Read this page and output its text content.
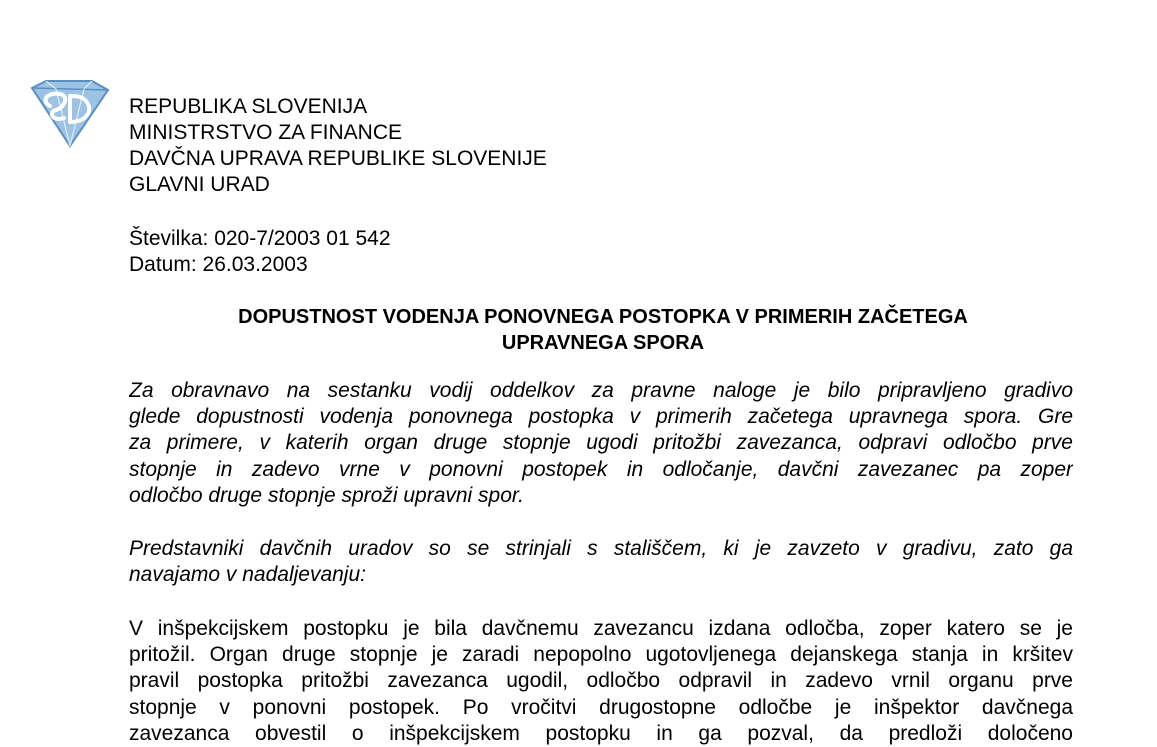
REPUBLIKA SLOVENIJA
MINISTRSTVO ZA FINANCE
DAVČNA UPRAVA REPUBLIKE SLOVENIJE
GLAVNI URAD
Številka: 020-7/2003 01 542
Datum: 26.03.2003
DOPUSTNOST VODENJA PONOVNEGA POSTOPKA V PRIMERIH ZAČETEGA
UPRAVNEGA SPORA
Za obravnavo na sestanku vodij oddelkov za pravne naloge je bilo pripravljeno gradivo
glede dopustnosti vodenja ponovnega postopka v primerih začetega upravnega spora. Gre
za primere, v katerih organ druge stopnje ugodi pritožbi zavezanca, odpravi odločbo prve
stopnje in zadevo vrne v ponovni postopek in odločanje, davčni zavezanec pa zoper
odločbo druge stopnje sproži upravni spor.
Predstavniki davčnih uradov so se strinjali s stališčem, ki je zavzeto v gradivu, zato ga
navajamo v nadaljevanju:
V inšpekcijskem postopku je bila davčnemu zavezancu izdana odločba, zoper katero se je
pritožil. Organ druge stopnje je zaradi nepopolno ugotovljenega dejanskega stanja in kršitev
pravil postopka pritožbi zavezanca ugodil, odločbo odpravil in zadevo vrnil organu prve
stopnje v ponovni postopek. Po vročitvi drugostopne odločbe je inšpektor davčnega
zavezanca obvestil o inšpekcijskem postopku in ga pozval, da predloži določeno
